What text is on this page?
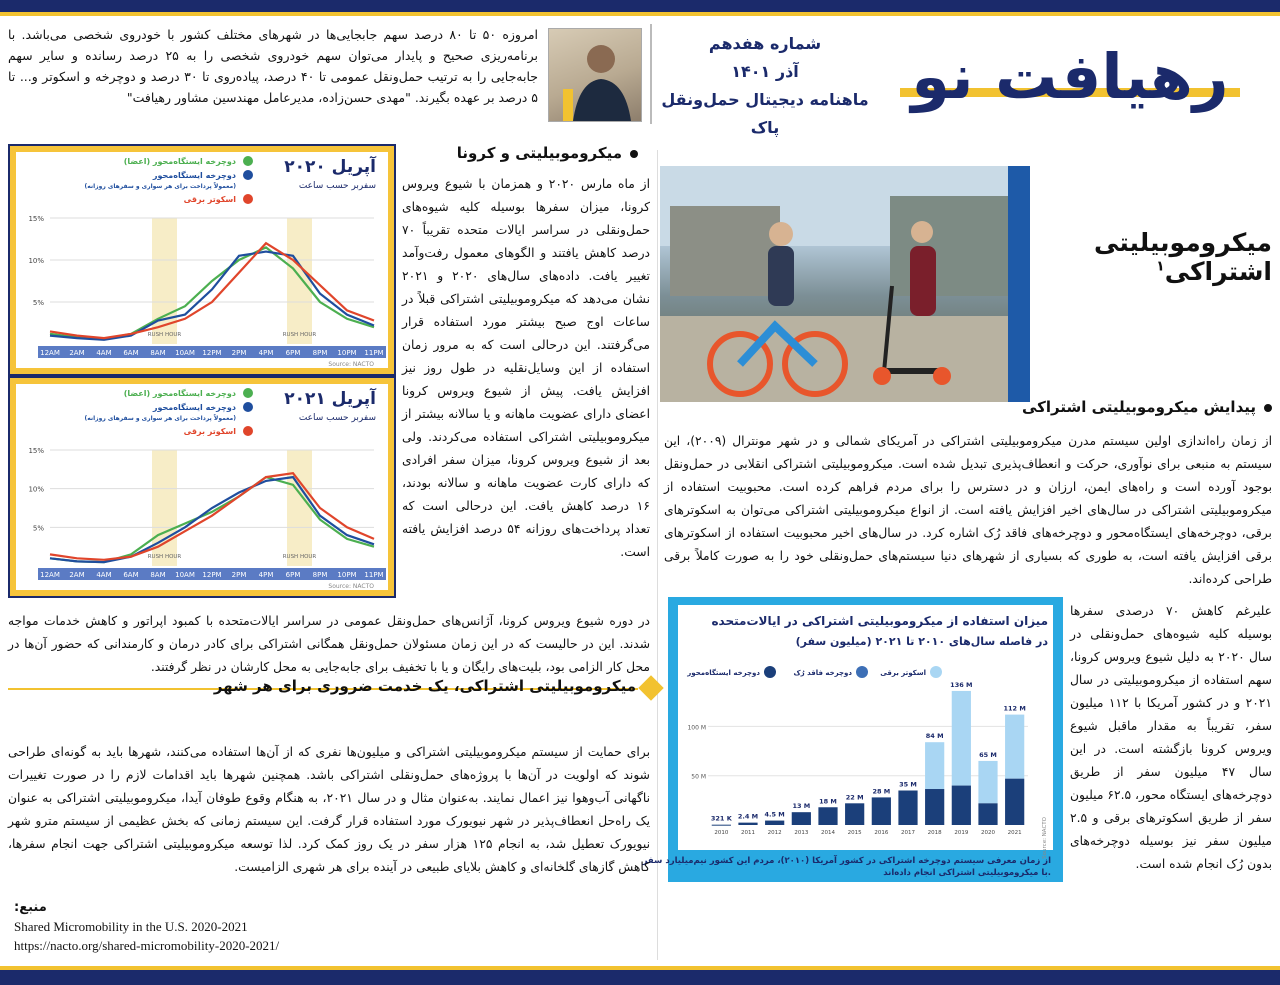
رهیافت نو
شماره هفدهم
آذر ۱۴۰۱
ماهنامه دیجیتال حمل‌ونقل پاک
امروزه ۵۰ تا ۸۰ درصد سهم جابجایی‌ها در شهرهای مختلف کشور با خودروی شخصی می‌باشد. با برنامه‌ریزی صحیح و پایدار می‌توان سهم خودروی شخصی را به ۲۵ درصد رسانده و سایر سهم جابه‌جایی را به ترتیب حمل‌ونقل عمومی تا ۴۰ درصد، پیاده‌روی تا ۳۰ درصد و دوچرخه و اسکوتر و... تا ۵ درصد بر عهده بگیرند. "مهدی حسن‌زاده، مدیرعامل مهندسین مشاور رهیافت"
میکروموبیلیتی و کرونا
از ماه مارس ۲۰۲۰ و همزمان با شیوع ویروس کرونا، میزان سفرها بوسیله کلیه شیوه‌های حمل‌ونقلی در سراسر ایالات متحده تقریباً ۷۰ درصد کاهش یافتند و الگوهای معمول رفت‌وآمد تغییر یافت. داده‌های سال‌های ۲۰۲۰ و ۲۰۲۱ نشان می‌دهد که میکروموبیلیتی اشتراکی قبلاً در ساعات اوج صبح بیشتر مورد استفاده قرار می‌گرفتند. این درحالی است که به مرور زمان استفاده از این وسایل‌نقلیه در طول روز نیز افزایش یافت. پیش از شیوع ویروس کرونا اعضای دارای عضویت ماهانه و یا سالانه بیشتر از میکروموبیلیتی اشتراکی استفاده می‌کردند. ولی بعد از شیوع ویروس کرونا، میزان سفر افرادی که دارای کارت عضویت ماهانه و سالانه بودند، ۱۶ درصد کاهش یافت. این درحالی است که تعداد پرداخت‌های روزانه ۵۴ درصد افزایش یافته است.
در دوره شیوع ویروس کرونا، آژانس‌های حمل‌ونقل عمومی در سراسر ایالات‌متحده با کمبود اپراتور و کاهش خدمات مواجه شدند. این در حالیست که در این زمان مسئولان حمل‌ونقل همگانی اشتراکی برای کادر درمان و کارمندانی که حضور آن‌ها در محل کار الزامی بود، بلیت‌های رایگان و یا با تخفیف برای جابه‌جایی به محل کارشان در نظر گرفتند.
آپریل ۲۰۲۰
سفربر حسب ساعت
دوچرخه ایستگاه‌محور (اعضا)
دوچرخه ایستگاه‌محور
(معمولاً پرداخت برای هر سواری و سفرهای روزانه)
اسکوتر برقی
RUSH HOUR	RUSH HOUR
15%
10%
5%
12AM 2AM 4AM 6AM 8AM 10AM 12PM 2PM 4PM 6PM 8PM 10PM 11PM
Source: NACTO
آپریل ۲۰۲۱
سفربر حسب ساعت
دوچرخه ایستگاه‌محور (اعضا)
دوچرخه ایستگاه‌محور
(معمولاً پرداخت برای هر سواری و سفرهای روزانه)
اسکوتر برقی
RUSH HOUR	RUSH HOUR
15%
10%
5%
12AM 2AM 4AM 6AM 8AM 10AM 12PM 2PM 4PM 6PM 8PM 10PM 11PM
Source: NACTO
میکروموبیلیتی اشتراکی$^۱$
پیدایش میکروموبیلیتی اشتراکی
از زمان راه‌اندازی اولین سیستم مدرن میکروموبیلیتی اشتراکی در آمریکای شمالی و در شهر مونترال (۲۰۰۹)، این سیستم به منبعی برای نوآوری، حرکت و انعطاف‌پذیری تبدیل شده است. میکروموبیلیتی اشتراکی انقلابی در حمل‌ونقل بوجود آورده است و راه‌های ایمن، ارزان و در دسترس را برای مردم فراهم کرده است. محبوبیت استفاده از میکروموبیلیتی اشتراکی در سال‌های اخیر افزایش یافته است. از انواع میکروموبیلیتی اشتراکی می‌توان به اسکوترهای برقی، دوچرخه‌های ایستگاه‌محور و دوچرخه‌های فاقد رُک اشاره کرد. در سال‌های اخیر محبوبیت استفاده از اسکوترهای برقی افزایش یافته است، به طوری که بسیاری از شهرهای دنیا سیستم‌های حمل‌ونقلی خود را به صورت کاملاً برقی طراحی کرده‌اند.
میزان استفاده از میکروموبیلیتی اشتراکی در ایالات‌متحده
در فاصله سال‌های ۲۰۱۰ تا ۲۰۲۱ (میلیون سفر)
اسکوتر برقی
دوچرخه فاقد رُک
دوچرخه ایستگاه‌محور
100 M
50 M
321 K
2010
2.4 M
2011
4.5 M
2012
13 M
2013
18 M
2014
22 M
2015
28 M
2016
35 M
2017
84 M
2018
136 M
2019
65 M
2020
112 M
2021	Source: NACTO
از زمان معرفی سیستم دوچرخه اشتراکی در کشور آمریکا (۲۰۱۰)، مردم این کشور نیم‌میلیارد سفر
با میکروموبیلیتی اشتراکی انجام داده‌اند.
علیرغم کاهش ۷۰ درصدی سفرها بوسیله کلیه شیوه‌های حمل‌ونقلی در سال ۲۰۲۰ به دلیل شیوع ویروس کرونا، سهم استفاده از میکروموبیلیتی در سال ۲۰۲۱ و در کشور آمریکا با ۱۱۲ میلیون سفر، تقریباً به مقدار ماقبل شیوع ویروس کرونا بازگشته است. در این سال ۴۷ میلیون سفر از طریق دوچرخه‌های ایستگاه محور، ۶۲.۵ میلیون سفر از طریق اسکوترهای برقی و ۲.۵ میلیون سفر نیز بوسیله دوچرخه‌های بدون رُک انجام شده است.
میکروموبیلیتی اشتراکی، یک خدمت ضروری برای هر شهر
برای حمایت از سیستم میکروموبیلیتی اشتراکی و میلیون‌ها نفری که از آن‌ها استفاده می‌کنند، شهرها باید به گونه‌ای طراحی شوند که اولویت در آن‌ها با پروژه‌های حمل‌ونقلی اشتراکی باشد. همچنین شهرها باید اقدامات لازم را در صورت تغییرات ناگهانی آب‌وهوا نیز اعمال نمایند. به‌عنوان مثال و در سال ۲۰۲۱، به هنگام وقوع طوفان آیدا، میکروموبیلیتی اشتراکی به عنوان یک راه‌حل انعطاف‌پذیر در شهر نیویورک مورد استفاده قرار گرفت. این سیستم زمانی که بخش عظیمی از سیستم مترو شهر نیویورک تعطیل شد، به انجام ۱۲۵ هزار سفر در یک روز کمک کرد. لذا توسعه میکروموبیلیتی اشتراکی جهت انجام سفرها، کاهش گازهای گلخانه‌ای و کاهش بلایای طبیعی در آینده برای هر شهری الزامیست.
منبع:
Shared Micromobility in the U.S. 2020-2021
https://nacto.org/shared-micromobility-2020-2021/
